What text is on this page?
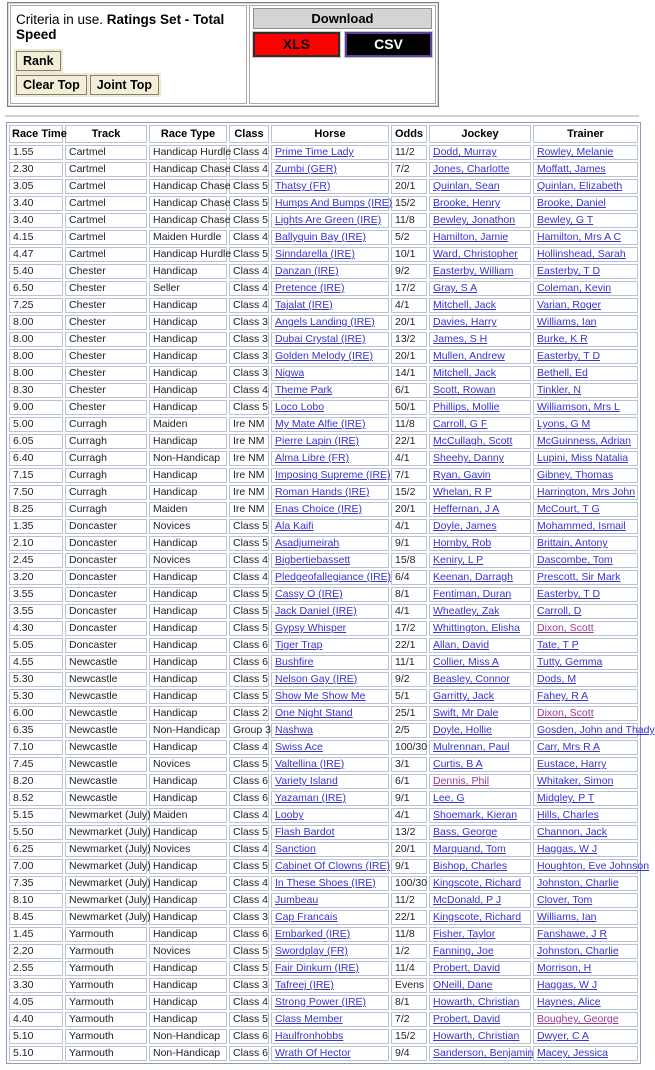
Criteria in use. Ratings Set - Total Speed
Rank
Clear Top	Joint Top

Download
XLS	CSV
Race Time	Track	Race Type	Class	Horse	Odds	Jockey	Trainer
1.55	Cartmel	Handicap Hurdle	Class 4	Prime Time Lady	11/2	Dodd, Murray	Rowley, Melanie
2.30	Cartmel	Handicap Chase	Class 4	Zumbi (GER)	7/2	Jones, Charlotte	Moffatt, James
3.05	Cartmel	Handicap Chase	Class 5	Thatsy (FR)	20/1	Quinlan, Sean	Quinlan, Elizabeth
3.40	Cartmel	Handicap Chase	Class 5	Humps And Bumps (IRE)	15/2	Brooke, Henry	Brooke, Daniel
3.40	Cartmel	Handicap Chase	Class 5	Lights Are Green (IRE)	11/8	Bewley, Jonathon	Bewley, G T
4.15	Cartmel	Maiden Hurdle	Class 4	Ballyquin Bay (IRE)	5/2	Hamilton, Jamie	Hamilton, Mrs A C
4.47	Cartmel	Handicap Hurdle	Class 5	Sinndarella (IRE)	10/1	Ward, Christopher	Hollinshead, Sarah
5.40	Chester	Handicap	Class 4	Danzan (IRE)	9/2	Easterby, William	Easterby, T D
6.50	Chester	Seller	Class 4	Pretence (IRE)	17/2	Gray, S A	Coleman, Kevin
7.25	Chester	Handicap	Class 4	Tajalat (IRE)	4/1	Mitchell, Jack	Varian, Roger
8.00	Chester	Handicap	Class 3	Angels Landing (IRE)	20/1	Davies, Harry	Williams, Ian
8.00	Chester	Handicap	Class 3	Dubai Crystal (IRE)	13/2	James, S H	Burke, K R
8.00	Chester	Handicap	Class 3	Golden Melody (IRE)	20/1	Mullen, Andrew	Easterby, T D
8.00	Chester	Handicap	Class 3	Nigwa	14/1	Mitchell, Jack	Bethell, Ed
8.30	Chester	Handicap	Class 4	Theme Park	6/1	Scott, Rowan	Tinkler, N
9.00	Chester	Handicap	Class 5	Loco Lobo	50/1	Phillips, Mollie	Williamson, Mrs L
5.00	Curragh	Maiden	Ire NM	My Mate Alfie (IRE)	11/8	Carroll, G F	Lyons, G M
6.05	Curragh	Handicap	Ire NM	Pierre Lapin (IRE)	22/1	McCullagh, Scott	McGuinness, Adrian
6.40	Curragh	Non-Handicap	Ire NM	Alma Libre (FR)	4/1	Sheehy, Danny	Lupini, Miss Natalia
7.15	Curragh	Handicap	Ire NM	Imposing Supreme (IRE)	7/1	Ryan, Gavin	Gibney, Thomas
7.50	Curragh	Handicap	Ire NM	Roman Hands (IRE)	15/2	Whelan, R P	Harrington, Mrs John
8.25	Curragh	Maiden	Ire NM	Enas Choice (IRE)	20/1	Heffernan, J A	McCourt, T G
1.35	Doncaster	Novices	Class 5	Ala Kaifi	4/1	Doyle, James	Mohammed, Ismail
2.10	Doncaster	Handicap	Class 5	Asadjumeirah	9/1	Hornby, Rob	Brittain, Antony
2.45	Doncaster	Novices	Class 4	Bigbertiebassett	15/8	Keniry, L P	Dascombe, Tom
3.20	Doncaster	Handicap	Class 4	Pledgeofallegiance (IRE)	6/4	Keenan, Darragh	Prescott, Sir Mark
3.55	Doncaster	Handicap	Class 5	Cassy O (IRE)	8/1	Fentiman, Duran	Easterby, T D
3.55	Doncaster	Handicap	Class 5	Jack Daniel (IRE)	4/1	Wheatley, Zak	Carroll, D
4.30	Doncaster	Handicap	Class 5	Gypsy Whisper	17/2	Whittington, Elisha	Dixon, Scott
5.05	Doncaster	Handicap	Class 6	Tiger Trap	22/1	Allan, David	Tate, T P
4.55	Newcastle	Handicap	Class 6	Bushfire	11/1	Collier, Miss A	Tutty, Gemma
5.30	Newcastle	Handicap	Class 5	Nelson Gay (IRE)	9/2	Beasley, Connor	Dods, M
5.30	Newcastle	Handicap	Class 5	Show Me Show Me	5/1	Garritty, Jack	Fahey, R A
6.00	Newcastle	Handicap	Class 2	One Night Stand	25/1	Swift, Mr Dale	Dixon, Scott
6.35	Newcastle	Non-Handicap	Group 3	Nashwa	2/5	Doyle, Hollie	Gosden, John and Thady
7.10	Newcastle	Handicap	Class 4	Swiss Ace	100/30	Mulrennan, Paul	Carr, Mrs R A
7.45	Newcastle	Novices	Class 5	Valtellina (IRE)	3/1	Curtis, B A	Eustace, Harry
8.20	Newcastle	Handicap	Class 6	Variety Island	6/1	Dennis, Phil	Whitaker, Simon
8.52	Newcastle	Handicap	Class 6	Yazaman (IRE)	9/1	Lee, G	Midgley, P T
5.15	Newmarket (July)	Maiden	Class 4	Looby	4/1	Shoemark, Kieran	Hills, Charles
5.50	Newmarket (July)	Handicap	Class 5	Flash Bardot	13/2	Bass, George	Channon, Jack
6.25	Newmarket (July)	Novices	Class 4	Sanction	20/1	Marquand, Tom	Haggas, W J
7.00	Newmarket (July)	Handicap	Class 5	Cabinet Of Clowns (IRE)	9/1	Bishop, Charles	Houghton, Eve Johnson
7.35	Newmarket (July)	Handicap	Class 4	In These Shoes (IRE)	100/30	Kingscote, Richard	Johnston, Charlie
8.10	Newmarket (July)	Handicap	Class 4	Jumbeau	11/2	McDonald, P J	Clover, Tom
8.45	Newmarket (July)	Handicap	Class 3	Cap Francais	22/1	Kingscote, Richard	Williams, Ian
1.45	Yarmouth	Handicap	Class 6	Embarked (IRE)	11/8	Fisher, Taylor	Fanshawe, J R
2.20	Yarmouth	Novices	Class 5	Swordplay (FR)	1/2	Fanning, Joe	Johnston, Charlie
2.55	Yarmouth	Handicap	Class 5	Fair Dinkum (IRE)	11/4	Probert, David	Morrison, H
3.30	Yarmouth	Handicap	Class 3	Tafreej (IRE)	Evens	ONeill, Dane	Haggas, W J
4.05	Yarmouth	Handicap	Class 4	Strong Power (IRE)	8/1	Howarth, Christian	Haynes, Alice
4.40	Yarmouth	Handicap	Class 5	Class Member	7/2	Probert, David	Boughey, George
5.10	Yarmouth	Non-Handicap	Class 6	Haulfronhobbs	15/2	Howarth, Christian	Dwyer, C A
5.10	Yarmouth	Non-Handicap	Class 6	Wrath Of Hector	9/4	Sanderson, Benjamin	Macey, Jessica
